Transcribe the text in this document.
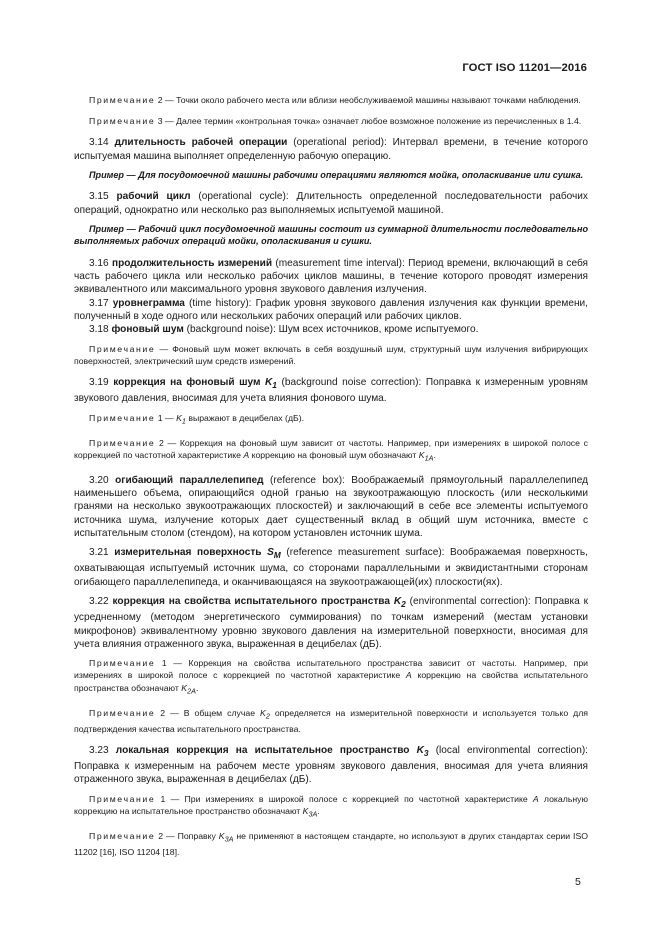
ГОСТ ISO 11201—2016

Примечание 2 — Точки около рабочего места или вблизи необслуживаемой машины называют точками наблюдения.

Примечание 3 — Далее термин «контрольная точка» означает любое возможное положение из перечисленных в 1.4.

3.14 длительность рабочей операции (operational period): Интервал времени, в течение которого испытуемая машина выполняет определенную рабочую операцию.

Пример — Для посудомоечной машины рабочими операциями являются мойка, ополаскивание или сушка.

3.15 рабочий цикл (operational cycle): Длительность определенной последовательности рабочих операций, однократно или несколько раз выполняемых испытуемой машиной.

Пример — Рабочий цикл посудомоечной машины состоит из суммарной длительности последовательно выполняемых рабочих операций мойки, ополаскивания и сушки.

3.16 продолжительность измерений (measurement time interval): Период времени, включающий в себя часть рабочего цикла или несколько рабочих циклов машины, в течение которого проводят измерения эквивалентного или максимального уровня звукового давления излучения.

3.17 уровнеграмма (time history): График уровня звукового давления излучения как функции времени, полученный в ходе одного или нескольких рабочих операций или рабочих циклов.

3.18 фоновый шум (background noise): Шум всех источников, кроме испытуемого.

Примечание — Фоновый шум может включать в себя воздушный шум, структурный шум излучения вибрирующих поверхностей, электрический шум средств измерений.

3.19 коррекция на фоновый шум $K_1$ (background noise correction): Поправка к измеренным уровням звукового давления, вносимая для учета влияния фонового шума.

Примечание 1 — $K_1$ выражают в децибелах (дБ).

Примечание 2 — Коррекция на фоновый шум зависит от частоты. Например, при измерениях в широкой полосе с коррекцией по частотной характеристике A коррекцию на фоновый шум обозначают $K_{1A}$.

3.20 огибающий параллелепипед (reference box): Воображаемый прямоугольный параллелепипед наименьшего объема, опирающийся одной гранью на звукоотражающую плоскость (или несколькими гранями на несколько звукоотражающих плоскостей) и заключающий в себе все элементы испытуемого источника шума, излучение которых дает существенный вклад в общий шум источника, вместе с испытательным столом (стендом), на котором установлен источник шума.

3.21 измерительная поверхность $S_M$ (reference measurement surface): Воображаемая поверхность, охватывающая испытуемый источник шума, со сторонами параллельными и эквидистантными сторонам огибающего параллелепипеда, и оканчивающаяся на звукоотражающей(их) плоскости(ях).

3.22 коррекция на свойства испытательного пространства $K_2$ (environmental correction): Поправка к усредненному (методом энергетического суммирования) по точкам измерений (местам установки микрофонов) эквивалентному уровню звукового давления на измерительной поверхности, вносимая для учета влияния отраженного звука, выраженная в децибелах (дБ).

Примечание 1 — Коррекция на свойства испытательного пространства зависит от частоты. Например, при измерениях в широкой полосе с коррекцией по частотной характеристике A коррекцию на свойства испытательного пространства обозначают $K_{2A}$.

Примечание 2 — В общем случае $K_2$ определяется на измерительной поверхности и используется только для подтверждения качества испытательного пространства.

3.23 локальная коррекция на испытательное пространство $K_3$ (local environmental correction): Поправка к измеренным на рабочем месте уровням звукового давления, вносимая для учета влияния отраженного звука, выраженная в децибелах (дБ).

Примечание 1 — При измерениях в широкой полосе с коррекцией по частотной характеристике A локальную коррекцию на испытательное пространство обозначают $K_{3A}$.

Примечание 2 — Поправку $K_{3A}$ не применяют в настоящем стандарте, но используют в других стандартах серии ISO 11202 [16], ISO 11204 [18].

5
